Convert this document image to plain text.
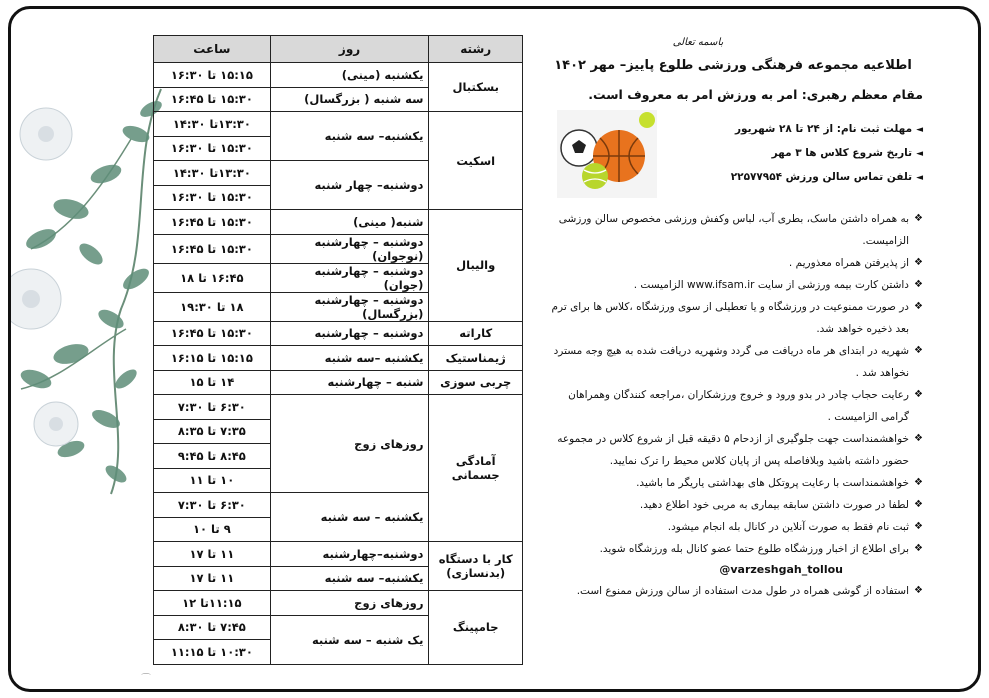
رشته	روز	ساعت
بسکتبال	یکشنبه (مینی)	۱۵:۱۵ تا ۱۶:۳۰
	سه شنبه ( بزرگسال)	۱۵:۳۰ تا ۱۶:۴۵
اسکیت	یکشنبه– سه شنبه	۱۳:۳۰تا ۱۴:۳۰
		۱۵:۳۰ تا ۱۶:۳۰
	دوشنبه– چهار شنبه	۱۳:۳۰تا ۱۴:۳۰
		۱۵:۳۰ تا ۱۶:۳۰
والیبال	شنبه( مینی)	۱۵:۳۰ تا ۱۶:۴۵
	دوشنبه – چهارشنبه (نوجوان)	۱۵:۳۰ تا ۱۶:۴۵
	دوشنبه – چهارشنبه (جوان)	۱۶:۴۵ تا ۱۸
	دوشنبه – چهارشنبه (بزرگسال)	۱۸ تا ۱۹:۳۰
کاراته	دوشنبه – چهارشنبه	۱۵:۳۰ تا ۱۶:۴۵
ژیمناستیک	یکشنبه –سه شنبه	۱۵:۱۵ تا ۱۶:۱۵
چربی سوزی	شنبه – چهارشنبه	۱۴ تا ۱۵
آمادگی جسمانی	روزهای زوج	۶:۳۰ تا ۷:۳۰
		۷:۳۵ تا ۸:۳۵
		۸:۴۵ تا ۹:۴۵
		۱۰ تا ۱۱
	یکشنبه – سه شنبه	۶:۳۰ تا ۷:۳۰
		۹ تا ۱۰
کار با دستگاه (بدنسازی)	دوشنبه–چهارشنبه	۱۱ تا ۱۷
	یکشنبه– سه شنبه	۱۱ تا ۱۷
جامپینگ	روزهای زوج	۱۱:۱۵تا ۱۲
	یک شنبه – سه شنبه	۷:۴۵ تا ۸:۳۰
		۱۰:۳۰ تا ۱۱:۱۵
باسمه تعالی
اطلاعیه مجموعه فرهنگی ورزشی طلوع پاییز– مهر ۱۴۰۲
مقام معظم رهبری: امر به ورزش امر به معروف است.
◄مهلت ثبت نام: از ۲۴ تا ۲۸ شهریور
◄تاریخ شروع کلاس ها ۳ مهر
◄تلفن تماس سالن ورزش ۲۲۵۷۷۹۵۴
❖
به همراه داشتن ماسک، بطری آب، لباس وکفش ورزشی مخصوص سالن ورزشی الزامیست.
❖
از پذیرفتن همراه معذوریم .
❖
داشتن کارت بیمه ورزشی از سایت www.ifsam.ir الزامیست .
❖
در صورت ممنوعیت در ورزشگاه و یا تعطیلی از سوی ورزشگاه ،کلاس ها برای ترم بعد ذخیره خواهد شد.
❖
شهریه در ابتدای هر ماه دریافت می گردد وشهریه دریافت شده به هیچ وجه مسترد نخواهد شد .
❖
رعایت حجاب چادر در بدو ورود و خروج ورزشکاران ،مراجعه کنندگان وهمراهان گرامی الزامیست .
❖
خواهشمنداست جهت جلوگیری از ازدحام ۵ دقیقه قبل از شروع کلاس در مجموعه حضور داشته باشید وبلافاصله پس از پایان کلاس محیط را ترک نمایید.
❖
خواهشمنداست با رعایت پروتکل های بهداشتی یاریگر ما باشید.
❖
لطفا در صورت داشتن سابقه بیماری به مربی خود اطلاع دهید.
❖
ثبت نام فقط به صورت آنلاین در کانال بله انجام میشود.
❖
برای اطلاع از اخبار ورزشگاه طلوع حتما عضو کانال بله ورزشگاه شوید.
@varzeshgah_tollou
❖
استفاده از گوشی همراه در طول مدت استفاده از سالن ورزش ممنوع است.
⌒
